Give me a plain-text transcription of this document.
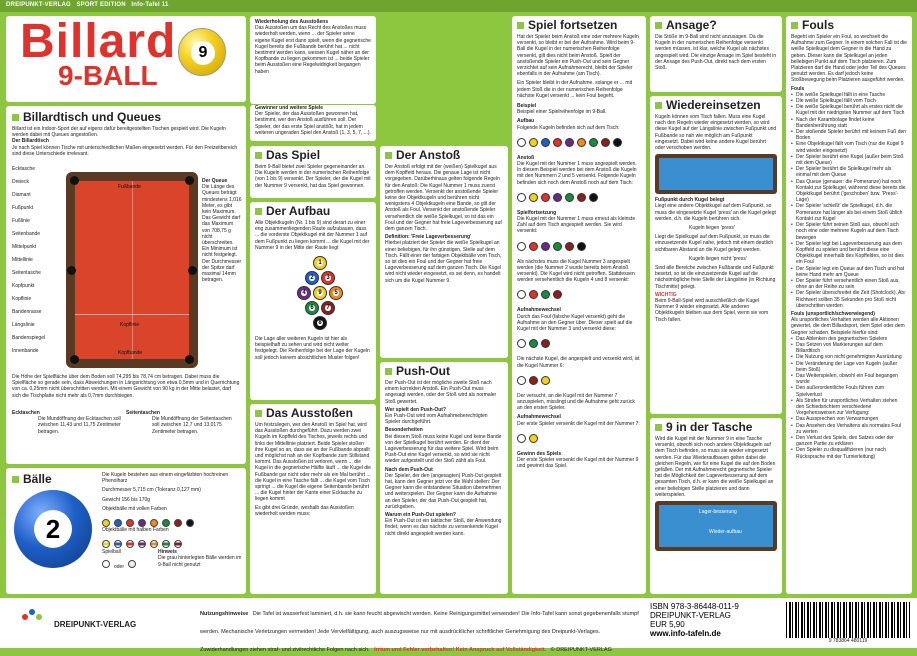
DREIPUNKT-VERLAG SPORT EDITION Info-Tafel 11
Billard
9-BALL
9
Billardtisch und Queues
Billard ist ein Indoor-Sport der auf eigens dafür bereitgestellten Tischen gespielt wird. Die Kugeln werden dabei mit Queues angestoßen.
Der Billardtisch
Je nach Spiel können Tische mit unterschiedlichen Maßen eingesetzt werden. Für den Freizeitbereich sind diese Unterschiede irrelevant.
Ecktasche
Dreieck
Diamant
Fußpunkt
Fußlinie
Seitenbande
Mittelpunkt
Mittellinie
Seitentasche
Kopfpunkt
Kopflinie
Bandenrasse
Längslinie
Bandenspiegel
Innenbande
Fußbande
Kopflinie
Kopfbande
Der Queue
Die Länge des Queues beträgt mindestens 1,016 Meter, es gibt kein Maximum. Das Gewicht darf das Maximum von 708,75 g nicht überschreiten. Ein Minimum ist nicht festgelegt. Der Durchmesser der Spitze darf maximal 14mm betragen.
Die Höhe der Spielfläche über dem Boden soll 74,295 bis 78,74 cm betragen. Dabei muss die Spielfläche so gerade sein, dass Abweichungen in Längsrichtung von etwa 0,5mm und in Querrichtung von ca. 0,25mm nicht überschritten werden. Mit einem Gewicht von 90 kg in der Mitte belastet, darf sich die Tischplatte nicht mehr als 0,7mm durchbiegen.
Ecktaschen
Die Mundöffnung der Ecktaschen soll zwischen 11,43 und 11,75 Zentimeter betragen.
Seitentaschen
Die Mundöffnung der Seitentaschen soll zwischen 12,7 und 13,0175 Zentimeter betragen.
Bälle
2
Die Kugeln bestehen aus einem eingefärbten hochreinen Phenolharz
Durchmesser 5,715 cm (Toleranz 0,127 mm)
Gewicht 156 bis 170g
Objektbälle mit vollen Farben
Objektbälle mit halben Farben
Spielball
oder
Hinweis
Die grau hinterlegten Bälle werden im 9-Ball nicht genutzt
Wiederholung des Ausstoßens
Das Ausstoßen um das Recht des Anstoßes muss wiederholt werden, wenn ... der Spieler seine eigene Kugel erst dann spielt, wenn die gegnerische Kugel bereits die Fußbande berührt hat ... nicht bestimmt werden kann, wessen Kugel näher an der Kopfbande zu liegen gekommen ist ... beide Spieler beim Ausstoßen eine Regelwidrigkeit begangen haben
Gewinner und weitere Spiele
Der Spieler, der das Ausstoßen gewonnen hat, bestimmt, wer den Anstoß ausführen soll. Der Spieler, der das erste Spiel anstößt, hat in jedem weiteren ungeraden Spiel den Anstoß (1, 3, 5, 7, ...).
Das Spiel
Beim 9-Ball bietet zwei Spieler gegeneinander an. Die Kugeln werden in der numerischen Reihenfolge (von 1 bis 9) versenkt. Der Spieler, der die Kugel mit der Nummer 9 versenkt, hat das Spiel gewonnen.
Der Aufbau
Alle Objektkugeln (Nr. 1 bis 9) sind derart zu einer eng zusammenliegenden Raute aufzubauen, dass ... die vorderste Objektkugel mit der Nummer 1 auf dem Fußpunkt zu liegen kommt ... die Kugel mit der Nummer 9 in der Mitte der Raute liegt
1
2	3
4	9	5
6	7
8
Die Lage aller weiteren Kugeln ist hier als beispielhaft zu sehen und wird nicht weiter festgelegt. Die Reihenfolge bei der Lage der Kugeln soll jedoch keinem absichtlichen Muster folgen!
Das Ausstoßen
Um festzulegen, wer den Anstoß im Spiel hat, wird das Ausstoßen durchgeführt. Dazu werden zwei Kugeln im Kopffeld des Tisches, jeweils rechts und links der Mittellinie platziert. Beide Spieler stoßen ihre Kugel so an, dass sie an der Fußbande abprallt und möglichst nah an der Kopfbande zum Stillstand kommt. Das Ausstoßen ist verloren, wenn ... die Kugel in die gegnerische Hälfte läuft ... die Kugel die Fußbande gar nicht oder mehr als ein Mal berührt ... die Kugel in eine Tasche fällt ... die Kugel vom Tisch springt ... die Kugel die eigene Seitenbande berührt ... die Kugel hinter der Kante einer Ecktasche zu liegen kommt
Es gibt drei Gründe, weshalb das Ausstoßen wiederholt werden muss:
Der Anstoß
Der Anstoß erfolgt mit der (weißen) Spielkugel aus dem Kopffeld heraus. Die genaue Lage ist nicht vorgegeben. Darüberhinaus gelten folgende Regeln für den Anstoß: Die Kugel Nummer 1 muss zuerst getroffen werden. Versenkt der anstoßende Spieler keine der Objektkugeln und berühren nicht wenigstens 4 Objektkugeln eine Bande, so gilt der Anstoß als Foul. Versenkt der anstoßende Spieler versehentlich die weiße Spielkugel, so ist das ein Foul und der Gegner hat freie Lageverbesserung auf dem ganzen Tisch.
Definition: 'Freie Lageverbesserung'
Hierbei platziert der Spieler die weiße Spielkugel an einer beliebigen, für ihn günstigen, Stelle auf dem Tisch. Fällt einer der farbigen Objektbälle vom Tisch, so ist dies ein Foul und der Gegner hat freie Lageverbesserung auf dem ganzen Tisch. Die Kugel wird nicht wieder eingesetzt, es sei denn, es handelt sich um die Kugel Nummer 9.
Push-Out
Der Push-Out ist der mögliche zweite Stoß nach einem korrekten Anstoß. Ein Push-Out muss angesagt werden, oder der Stoß wird als normaler Stoß gewertet.
Wer spielt den Push-Out?
Ein Push-Out wird vom Aufnahmeberechtigten Spieler durchgeführt.
Besonderheiten
Bei diesem Stoß muss keine Kugel und keine Bande von der Spielkugel berührt werden. Er dient der Lageverbesserung für das weitere Spiel. Wird beim Push-Out eine Kugel versenkt, so wird sie nicht wieder aufgestellt und der Stoß zählt als Foul.
Nach dem Push-Out
Der Spieler, der den (angesagten) Push-Out gespielt hat, kann den Gegner jetzt vor die Wahl stellen: Der Gegner kann die entstandene Situation übernehmen und weiterspielen. Der Gegner kann die Aufnahme an den Spieler, der das Push-Out gespielt hat, zurückgeben.
Warum ein Push-Out spielen?
Ein Push-Out ist ein taktischer Stoß, der Anwendung findet, wenn es das nächste zu versenkende Kugel nicht direkt angespielt werden kann.
Spiel fortsetzen
Hat der Spieler beim Anstoß eine oder mehrere Kugeln versenkt, so bleibt er bei der Aufnahme. Wird beim 9-Ball die Kugel in der numerischen Reihenfolge versenkt, gilt dies nicht beim Anstoß. Spielt der anstoßende Spieler ein Push-Out und sein Gegner verzichtet auf sein Aufnahmerecht, bleibt der Spieler ebenfalls in der Aufnahme (am Tisch).
Ein Spieler bleibt in der Aufnahme, solange er ... mit jedem Stoß die in der numerischen Reihenfolge nächste Kugel versenkt ... kein Foul begeht.
Beispiel
Beispiel einer Spielreihenfolge im 9-Ball.
Aufbau
Folgende Kugeln befinden sich auf dem Tisch:
Anstoß
Die Kugel mit der Nummer 1 muss angespielt werden. In diesem Beispiel werden bei dem Anstoß die Kugeln mit den Nummern 2 und 5 versenkt. Folgende Kugeln befinden sich noch dem Anstoß noch auf dem Tisch:
Spielfortsetzung
Die Kugel mit der Nummer 1 muss erneut als kleinste Zahl auf dem Tisch angespielt werden. Sie wird versenkt:
Als nächstes muss die Kugel Nummer 3 angespielt werden (die Nummer 2 wurde bereits beim Anstoß versenkt). Die Kugel wird nicht getroffen. Stattdessen werden versehentlich die Kugeln 4 und 8 versenkt:
Aufnahmewechsel
Durch das Foul (falsche Kugel versenkt) geht die Aufnahme an den Gegner über. Dieser spielt auf die Kugel mit der Nummer 3 und versenkt diese:
Die nächste Kugel, die angespielt und versenkt wird, ist die Kugel Nummer 6:
Der versucht, an die Kugel mit der Nummer 7 anzuspielen, misslingt und die Aufnahme geht zurück an den ersten Spieler.
Aufnahmewechsel
Der erste Spieler versenkt die Kugel mit der Nummer 7:
Gewinn des Spiels
Der erste Spieler versenkt die Kugel mit der Nummer 9 und gewinnt das Spiel.
Ansage?
Die Stöße im 9-Ball sind nicht anzusagen. Da die Kugeln in der numerischen Reihenfolge versenkt werden müssen, ist klar, welche Kugel als nächstes angespielt wird. Die einzige Ansage im Spiel besteht in der Ansage des Push-Out, direkt nach dem ersten Stoß.
Wiedereinsetzen
Kugeln können vom Tisch fallen. Muss eine Kugel nach den Regeln wieder eingesetzt werden, so wird diese Kugel auf der Längslinie zwischen Fußpunkt und Fußbande so nah wie möglich am Fußpunkt eingesetzt. Dabei wird keine andere Kugel berührt oder verschoben werden.
Fußpunkt durch Kugel belegt
Liegt eine andere Objektkugel auf dem Fußpunkt, so muss die eingesetzte Kugel 'press' an die Kugel gelegt werden, d.h. die Kugeln berühren sich.
Kugeln liegen 'press'
Liegt die Spielkugel auf dem Fußpunkt, so muss die einzusetzende Kugel nahe, jedoch mit einem deutlich sichtbaren Abstand an die Kugel gelegt werden.
Kugeln liegen nicht 'press'
Sind alle Bereiche zwischen Fußbande und Fußpunkt besetzt, so ist die einzusetzende Kugel auf die nächstmögliche freie Stelle der Längslinie (in Richtung Tischmitte) gelegt.
WICHTIG
Beim 9-Ball-Spiel wird ausschließlich die Kugel Nummer 9 wieder eingesetzt. Alle anderen Objektkugeln bleiben aus dem Spiel, wenn sie vom Tisch fallen.
9 in der Tasche
Wird die Kugel mit der Nummer 9 in eine Tasche versenkt, obwohl sich noch andere Objektkugeln auf dem Tisch befinden, so muss sie wieder eingesetzt werden. Für das Wiederaufbauen gelten dabei die gleichen Regeln, wie für eine Kugel die auf den Boden gefallen. Der mit Aufnahmerecht gegnerische Spieler hat die Möglichkeit der Lageverbesserung auf dem gesamten Tisch, d.h. er kann die weiße Spielkugel an einer beliebigen Stelle platzieren und dann weiterspielen.
Lager-besserung
Wieder-aufbau
Fouls
Begeht ein Spieler ein Foul, so wechselt die Aufnahme zum Gegner. In einem solchen Fall ist die weiße Spielkugel dem Gegner in die Hand zu geben. Dieser kann die Spielkugel an jeden beliebigen Punkt auf dem Tisch platzieren. Zum Platzieren darf die Hand oder jeder Teil des Queues genutzt werden. Es darf jedoch keine Stoßbewegung beim Platzieren ausgeführt werden.
Fouls
• Die weiße Spielkugel fällt in eine Tasche
• Die weiße Spielkugel fällt vom Tisch
• Die weiße Spielkugel berührt als erstes nicht die Kugel mit der niedrigsten Nummer auf dem Tisch
• Nach der Karambolage findet keine Bandenberührung statt
• Der stoßende Spieler berührt mit keinem Fuß den Boden
• Eine Objektkugel fällt vom Tisch (nur die Kugel 9 wird wieder eingesetzt)
• Der Spieler berührt eine Kugel (außer beim Stoß mit dem Queue)
• Der Spieler berührt die Spielkugel mehr als einmal mit dem Queue
• Das Queue (genauer: die Pomeranze) hat noch Kontakt zur Spielkugel, während diese bereits die Objektkugel berührt ('geschoben' bzw. 'Press'-Lage)
• Der Spieler 'schießt' die Spielkugel, d.h. die Pomeranze hat länger als bei einem Stoß üblich Kontakt zur Kugel
• Der Spieler führt seinen Stoß aus, obwohl sich noch eine oder mehrere Kugeln auf dem Tisch bewegen
• Der Spieler legt bei Lageverbesserung aus dem Kopffeld zu spielen und berührt diese eine Objektkugel innerhalb des Kopffeldes, so ist dies ein Foul
• Der Spieler legt ein Queue auf den Tisch und hat keine Hand mehr am Queue
• Der Spieler führt versehentlich einen Stoß aus, ohne an der Reihe zu sein
• Der Spieler überschreitet die Zeit (Shotclock). Als Richtwert sollten 35 Sekunden pro Stoß nicht überschritten werden
Fouls (unsportlich/schwerwiegend)
Als unsportliches Verhalten werden alle Aktionen gewertet, die dem Billardsport, dem Spiel oder dem Gegner schaden. Beispiele hierfür sind:
• Das Ablenken des gegnerischen Spielers
• Das Setzen von Markierungen auf dem Billardtisch
• Die Nutzung von nicht genehmigten Ausrüstung
• Die Veränderung der Lage von Kugeln (außer beim Stoß)
• Das Weiterspielen, obwohl ein Foul begangen wurde
• Den außerordentliche Fouls führen zum Spielverlust
• Als Strafen für unsportliches Verhalten stehen den Schiedsrichtern verschiedene Vorgehensweisen zur Verfügung:
• Das Aussprechen von Verwarnungen
• Das Ansehen des Verhaltens als normales Foul zu werten
• Den Verlust des Spiels, des Satzes oder der ganzen Partie zu erklären
• Den Spieler zu disqualifizieren (nur nach Rücksprache mit der Turnierleitung)
DREIPUNKT-VERLAG
Nutzungshinweise Die Tafel ist wasserfest laminiert, d.h. sie kann feucht abgewischt werden. Keine Reinigungsmittel verwenden! Die Info-Tafel kann sonst gegebenenfalls stumpf werden. Mechanische Verletzungen vermeiden! Jede Vervielfältigung, auch auszugsweise nur mit ausdrücklicher schriftlicher Genehmigung des Dreipunkt-Verlages. Zuwiderhandlungen ziehen straf- und zivilrechtliche Folgen nach sich. Irrtum und Fehler vorbehalten! Kein Anspruch auf Vollständigkeit. © DREIPUNKT-VERLAG
ISBN 978-3-86448-011-9
DREIPUNKT-VERLAG
EUR 5,90
www.info-tafeln.de
9 783864 480119
